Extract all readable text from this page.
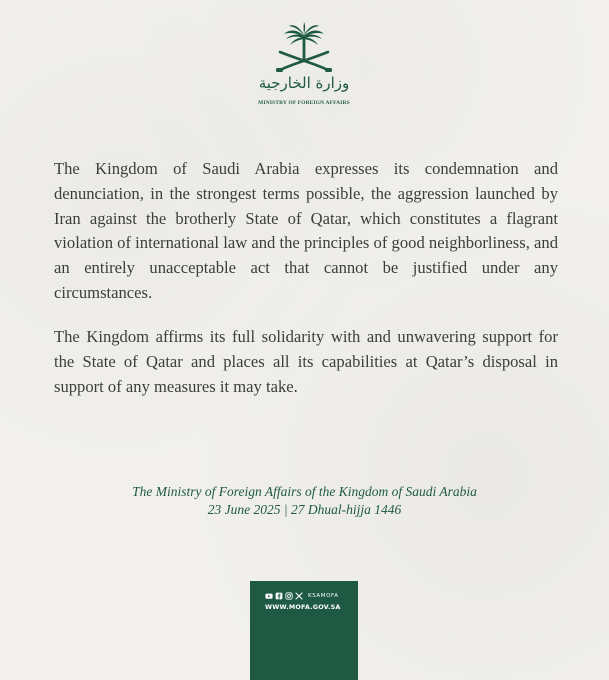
وزارة الخارجية
MINISTRY OF FOREIGN AFFAIRS

The Kingdom of Saudi Arabia expresses its condemnation and denunciation, in the strongest terms possible, the aggression launched by Iran against the brotherly State of Qatar, which constitutes a flagrant violation of international law and the principles of good neighborliness, and an entirely unacceptable act that cannot be justified under any circumstances.

The Kingdom affirms its full solidarity with and unwavering support for the State of Qatar and places all its capabilities at Qatar’s disposal in support of any measures it may take.

The Ministry of Foreign Affairs of the Kingdom of Saudi Arabia
23 June 2025 | 27 Dhual-hijja 1446
KSAMOFA
WWW.MOFA.GOV.SA
